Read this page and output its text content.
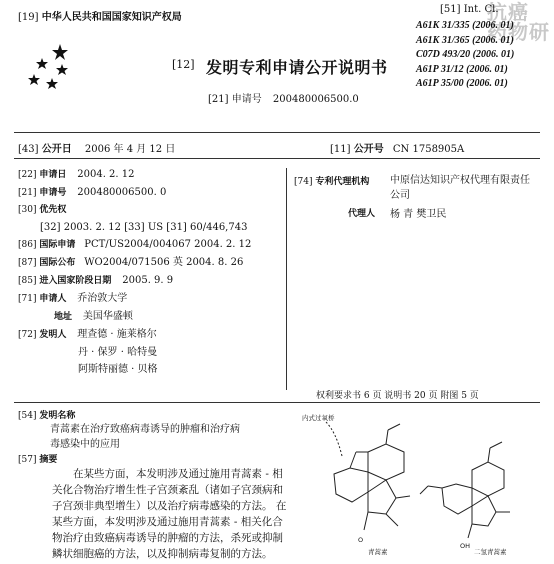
抗癌
药物研
[19] 中华人民共和国国家知识产权局
[12] 发明专利申请公开说明书
[21] 申请号 200480006500.0
[51] Int. Cl.
A61K 31/335 (2006. 01)
A61K 31/365 (2006. 01)
C07D 493/20 (2006. 01)
A61P 31/12 (2006. 01)
A61P 35/00 (2006. 01)
[43] 公开日 2006 年 4 月 12 日	[11] 公开号 CN 1758905A
[22] 申请日 2004. 2. 12
[21] 申请号 200480006500. 0
[30] 优先权
[32] 2003. 2. 12 [33] US [31] 60/446,743
[86] 国际申请 PCT/US2004/004067 2004. 2. 12
[87] 国际公布 WO2004/071506 英 2004. 8. 26
[85] 进入国家阶段日期 2005. 9. 9
[71] 申请人 乔治敦大学
地址 美国华盛顿
[72] 发明人 理查德 · 施莱格尔
丹 · 保罗 · 哈特曼
阿斯特丽德 · 贝格
[74] 专利代理机构 中原信达知识产权代理有限责任
公司
代理人 杨 青 樊卫民
权利要求书 6 页 说明书 20 页 附图 5 页
[54] 发明名称
青蒿素在治疗致癌病毒诱导的肿瘤和治疗病
毒感染中的应用
[57] 摘要
在某些方面，本发明涉及通过施用青蒿素 - 相关化合物治疗增生性子宫颈紊乱（诸如子宫颈病和子宫颈非典型增生）以及治疗病毒感染的方法。 在某些方面，本发明涉及通过施用青蒿素 - 相关化合物治疗由致癌病毒诱导的肿瘤的方法，杀死或抑制鳞状细胞癌的方法，以及抑制病毒复制的方法。
内式过氧桥
O
OH
青蒿素	二氢青蒿素
